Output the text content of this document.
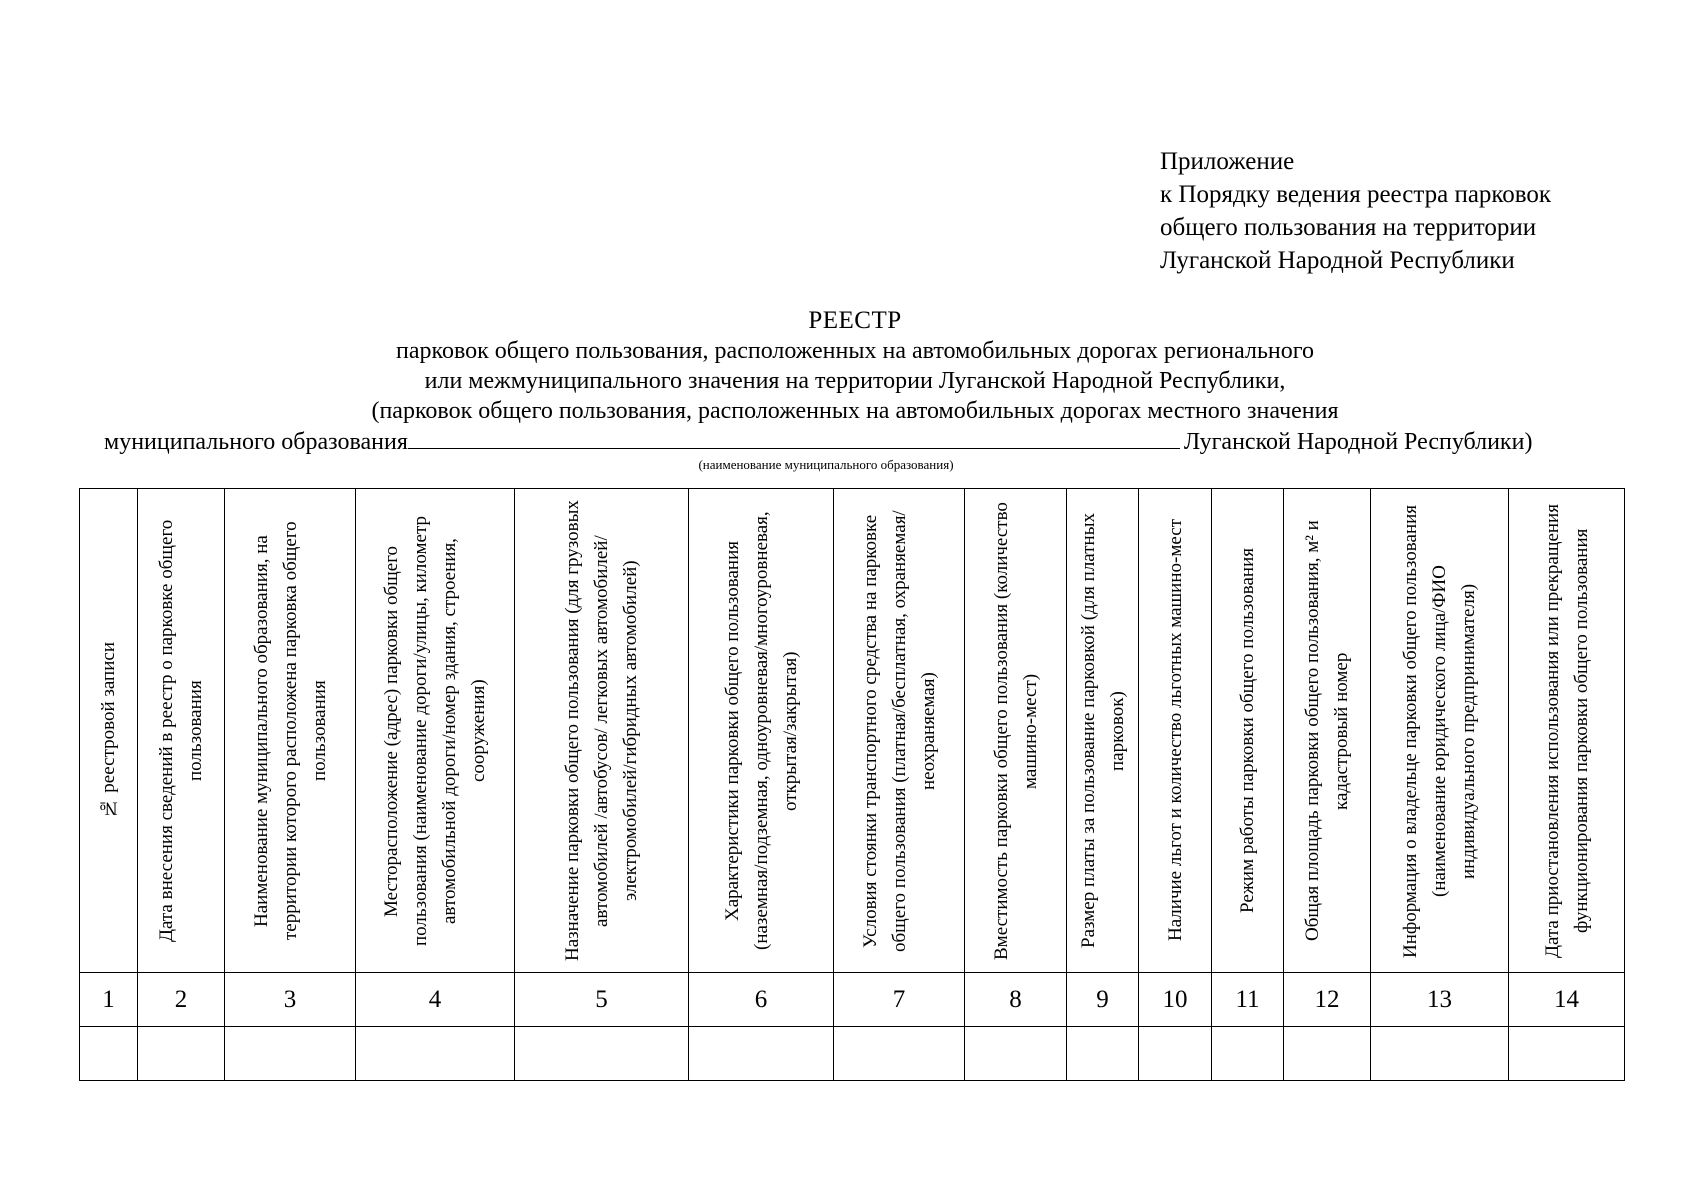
Приложение
к Порядку ведения реестра парковок
общего пользования на территории
Луганской Народной Республики
РЕЕСТР
парковок общего пользования, расположенных на автомобильных дорогах регионального
или межмуниципального значения на территории Луганской Народной Республики,
(парковок общего пользования, расположенных на автомобильных дорогах местного значения
муниципального образования	Луганской Народной Республики)
(наименование муниципального образования)
№ реестровой записи	Дата внесения сведений в реестр о парковке общего пользования	Наименование муниципального образования, на территории которого расположена парковка общего пользования	Месторасположение (адрес) парковки общего пользования (наименование дороги/улицы, километр автомобильной дороги/номер здания, строения, сооружения)	Назначение парковки общего пользования (для грузовых автомобилей /автобусов/ легковых автомобилей/электромобилей/гибридных автомобилей)	Характеристики парковки общего пользования (наземная/подземная, одноуровневая/многоуровневая, открытая/закрытая)	Условия стоянки транспортного средства на парковке общего пользования (платная/бесплатная, охраняемая/неохраняемая)	Вместимость парковки общего пользования (количество машино-мест)	Размер платы за пользование парковкой (для платных парковок)	Наличие льгот и количество льготных машино-мест	Режим работы парковки общего пользования	Общая площадь парковки общего пользования, м² и кадастровый номер	Информация о владельце парковки общего пользования (наименование юридического лица/ФИО индивидуального предпринимателя)	Дата приостановления использования или прекращения функционирования парковки общего пользования

1	2	3	4	5	6	7	8	9	10	11	12	13	14
